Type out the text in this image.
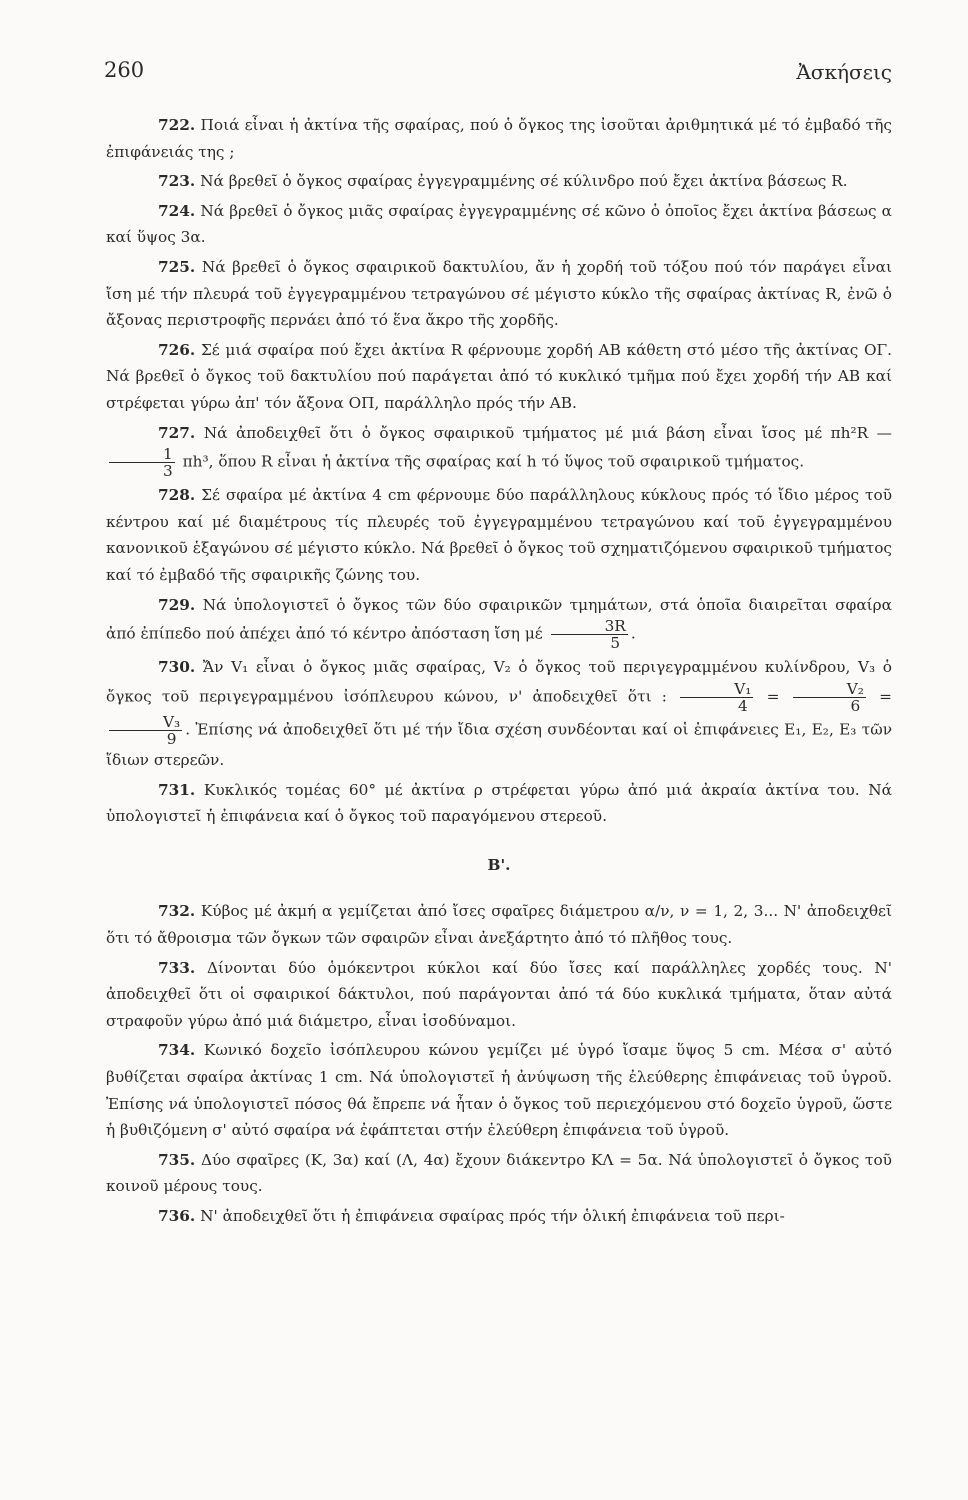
260	Ἀσκήσεις

722. Ποιά εἶναι ἡ ἀκτίνα τῆς σφαίρας, πού ὁ ὄγκος της ἰσοῦται ἀριθμητικά μέ τό ἐμβαδό τῆς ἐπιφάνειάς της ;

723. Νά βρεθεῖ ὁ ὄγκος σφαίρας ἐγγεγραμμένης σέ κύλινδρο πού ἔχει ἀκτίνα βάσεως R.

724. Νά βρεθεῖ ὁ ὄγκος μιᾶς σφαίρας ἐγγεγραμμένης σέ κῶνο ὁ ὁποῖος ἔχει ἀκτίνα βάσεως α καί ὕψος 3α.

725. Νά βρεθεῖ ὁ ὄγκος σφαιρικοῦ δακτυλίου, ἄν ἡ χορδή τοῦ τόξου πού τόν παράγει εἶναι ἴση μέ τήν πλευρά τοῦ ἐγγεγραμμένου τετραγώνου σέ μέγιστο κύκλο τῆς σφαίρας ἀκτίνας R, ἐνῶ ὁ ἄξονας περιστροφῆς περνάει ἀπό τό ἕνα ἄκρο τῆς χορδῆς.

726. Σέ μιά σφαίρα πού ἔχει ἀκτίνα R φέρνουμε χορδή ΑΒ κάθετη στό μέσο τῆς ἀκτίνας ΟΓ. Νά βρεθεῖ ὁ ὄγκος τοῦ δακτυλίου πού παράγεται ἀπό τό κυκλικό τμῆμα πού ἔχει χορδή τήν ΑΒ καί στρέφεται γύρω ἀπ' τόν ἄξονα ΟΠ, παράλληλο πρός τήν ΑΒ.

727. Νά ἀποδειχθεῖ ὅτι ὁ ὄγκος σφαιρικοῦ τμήματος μέ μιά βάση εἶναι ἴσος μέ πh²R —
$\frac{1}{3} \pi h^3$, ὅπου R εἶναι ἡ ἀκτίνα τῆς σφαίρας καί h τό ὕψος τοῦ σφαιρικοῦ τμήματος.

728. Σέ σφαίρα μέ ἀκτίνα 4 cm φέρνουμε δύο παράλληλους κύκλους πρός τό ἴδιο μέρος τοῦ κέντρου καί μέ διαμέτρους τίς πλευρές τοῦ ἐγγεγραμμένου τετραγώνου καί τοῦ ἐγγεγραμμένου κανονικοῦ ἑξαγώνου σέ μέγιστο κύκλο. Νά βρεθεῖ ὁ ὄγκος τοῦ σχηματιζόμενου σφαιρικοῦ τμήματος καί τό ἐμβαδό τῆς σφαιρικῆς ζώνης του.

729. Νά ὑπολογιστεῖ ὁ ὄγκος τῶν δύο σφαιρικῶν τμημάτων, στά ὁποῖα διαιρεῖται σφαίρα ἀπό ἐπίπεδο πού ἀπέχει ἀπό τό κέντρο ἀπόσταση ἴση μέ $\frac{3R}{5}$ .

730. Ἄν V₁ εἶναι ὁ ὄγκος μιᾶς σφαίρας, V₂ ὁ ὄγκος τοῦ περιγεγραμμένου κυλίνδρου, V₃ ὁ ὄγκος τοῦ περιγεγραμμένου ἰσόπλευρου κώνου, ν' ἀποδειχθεῖ ὅτι : $\frac{\text{V₁}}{4} = \frac{\text{V₂}}{6}$ =
$\frac{\text{V₃}}{9}$ . Ἐπίσης νά ἀποδειχθεῖ ὅτι μέ τήν ἴδια σχέση συνδέονται καί οἱ ἐπιφάνειες Ε₁, Ε₂, Ε₃ τῶν ἴδιων στερεῶν.

731. Κυκλικός τομέας 60° μέ ἀκτίνα ρ στρέφεται γύρω ἀπό μιά ἀκραία ἀκτίνα του. Νά ὑπολογιστεῖ ἡ ἐπιφάνεια καί ὁ ὄγκος τοῦ παραγόμενου στερεοῦ.

Β'.

732. Κύβος μέ ἀκμή α γεμίζεται ἀπό ἴσες σφαῖρες διάμετρου α/ν, ν = 1, 2, 3... Ν' ἀποδειχθεῖ ὅτι τό ἄθροισμα τῶν ὄγκων τῶν σφαιρῶν εἶναι ἀνεξάρτητο ἀπό τό πλῆθος τους.

733. Δίνονται δύο ὁμόκεντροι κύκλοι καί δύο ἴσες καί παράλληλες χορδές τους. Ν' ἀποδειχθεῖ ὅτι οἱ σφαιρικοί δάκτυλοι, πού παράγονται ἀπό τά δύο κυκλικά τμήματα, ὅταν αὐτά στραφοῦν γύρω ἀπό μιά διάμετρο, εἶναι ἰσοδύναμοι.

734. Κωνικό δοχεῖο ἰσόπλευρου κώνου γεμίζει μέ ὑγρό ἴσαμε ὕψος 5 cm. Μέσα σ' αὐτό βυθίζεται σφαίρα ἀκτίνας 1 cm. Νά ὑπολογιστεῖ ἡ ἀνύψωση τῆς ἐλεύθερης ἐπιφάνειας τοῦ ὑγροῦ. Ἐπίσης νά ὑπολογιστεῖ πόσος θά ἔπρεπε νά ἦταν ὁ ὄγκος τοῦ περιεχόμενου στό δοχεῖο ὑγροῦ, ὥστε ἡ βυθιζόμενη σ' αὐτό σφαίρα νά ἐφάπτεται στήν ἐλεύθερη ἐπιφάνεια τοῦ ὑγροῦ.

735. Δύο σφαῖρες (Κ, 3α) καί (Λ, 4α) ἔχουν διάκεντρο ΚΛ = 5α. Νά ὑπολογιστεῖ ὁ ὄγκος τοῦ κοινοῦ μέρους τους.

736. Ν' ἀποδειχθεῖ ὅτι ἡ ἐπιφάνεια σφαίρας πρός τήν ὁλική ἐπιφάνεια τοῦ περι-
